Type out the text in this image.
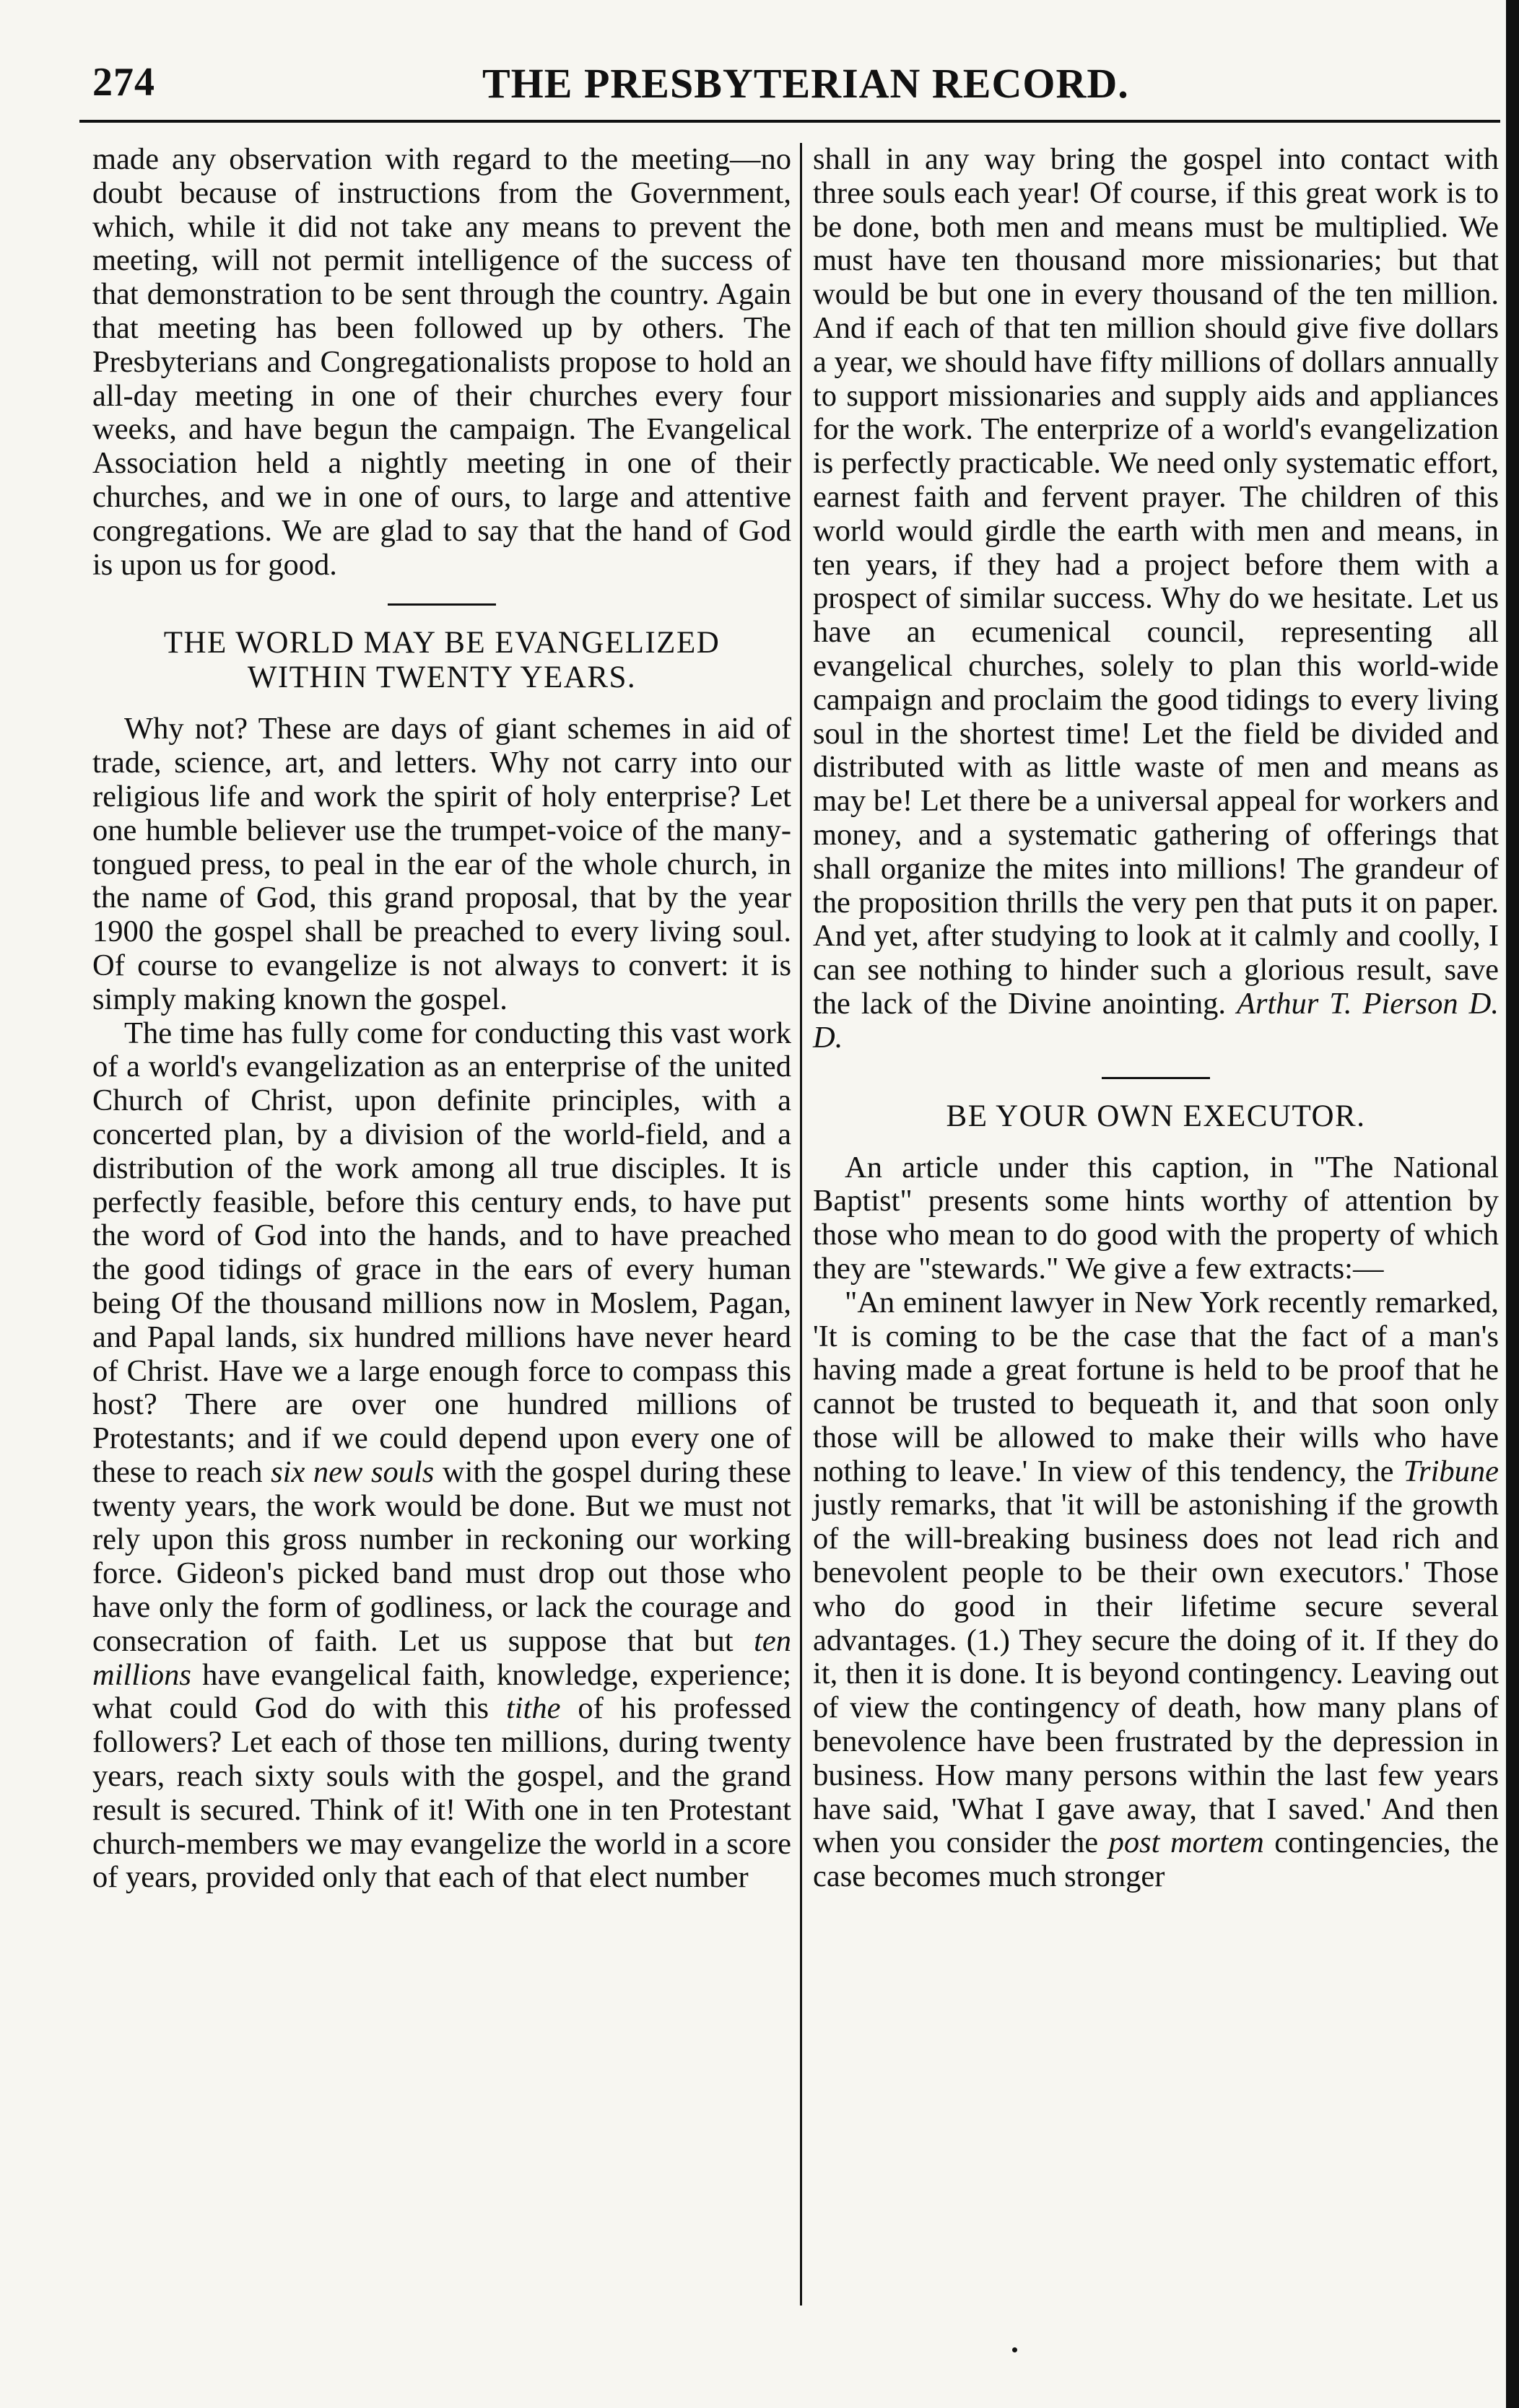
274	THE PRESBYTERIAN RECORD.

made any observation with regard to the meeting—no doubt because of instructions from the Government, which, while it did not take any means to prevent the meeting, will not permit intelligence of the success of that demonstration to be sent through the country. Again that meeting has been followed up by others. The Presbyterians and Congregationalists propose to hold an all-day meeting in one of their churches every four weeks, and have begun the campaign. The Evangelical Association held a nightly meeting in one of their churches, and we in one of ours, to large and attentive congregations. We are glad to say that the hand of God is upon us for good.

THE WORLD MAY BE EVANGELIZED
WITHIN TWENTY YEARS.

Why not? These are days of giant schemes in aid of trade, science, art, and letters. Why not carry into our religious life and work the spirit of holy enterprise? Let one humble believer use the trumpet-voice of the many-tongued press, to peal in the ear of the whole church, in the name of God, this grand proposal, that by the year 1900 the gospel shall be preached to every living soul. Of course to evangelize is not always to convert: it is simply making known the gospel.

The time has fully come for conducting this vast work of a world's evangelization as an enterprise of the united Church of Christ, upon definite principles, with a concerted plan, by a division of the world-field, and a distribution of the work among all true disciples. It is perfectly feasible, before this century ends, to have put the word of God into the hands, and to have preached the good tidings of grace in the ears of every human being Of the thousand millions now in Moslem, Pagan, and Papal lands, six hundred millions have never heard of Christ. Have we a large enough force to compass this host? There are over one hundred millions of Protestants; and if we could depend upon every one of these to reach six new souls with the gospel during these twenty years, the work would be done. But we must not rely upon this gross number in reckoning our working force. Gideon's picked band must drop out those who have only the form of godliness, or lack the courage and consecration of faith. Let us suppose that but ten millions have evangelical faith, knowledge, experience; what could God do with this tithe of his professed followers? Let each of those ten millions, during twenty years, reach sixty souls with the gospel, and the grand result is secured. Think of it! With one in ten Protestant church-members we may evangelize the world in a score of years, provided only that each of that elect number

shall in any way bring the gospel into contact with three souls each year! Of course, if this great work is to be done, both men and means must be multiplied. We must have ten thousand more missionaries; but that would be but one in every thousand of the ten million. And if each of that ten million should give five dollars a year, we should have fifty millions of dollars annually to support missionaries and supply aids and appliances for the work. The enterprize of a world's evangelization is perfectly practicable. We need only systematic effort, earnest faith and fervent prayer. The children of this world would girdle the earth with men and means, in ten years, if they had a project before them with a prospect of similar success. Why do we hesitate. Let us have an ecumenical council, representing all evangelical churches, solely to plan this world-wide campaign and proclaim the good tidings to every living soul in the shortest time! Let the field be divided and distributed with as little waste of men and means as may be! Let there be a universal appeal for workers and money, and a systematic gathering of offerings that shall organize the mites into millions! The grandeur of the proposition thrills the very pen that puts it on paper. And yet, after studying to look at it calmly and coolly, I can see nothing to hinder such a glorious result, save the lack of the Divine anointing. Arthur T. Pierson D. D.

BE YOUR OWN EXECUTOR.

An article under this caption, in "The National Baptist" presents some hints worthy of attention by those who mean to do good with the property of which they are "stewards." We give a few extracts:—

"An eminent lawyer in New York recently remarked, 'It is coming to be the case that the fact of a man's having made a great fortune is held to be proof that he cannot be trusted to bequeath it, and that soon only those will be allowed to make their wills who have nothing to leave.' In view of this tendency, the Tribune justly remarks, that 'it will be astonishing if the growth of the will-breaking business does not lead rich and benevolent people to be their own executors.' Those who do good in their lifetime secure several advantages. (1.) They secure the doing of it. If they do it, then it is done. It is beyond contingency. Leaving out of view the contingency of death, how many plans of benevolence have been frustrated by the depression in business. How many persons within the last few years have said, 'What I gave away, that I saved.' And then when you consider the post mortem contingencies, the case becomes much stronger
